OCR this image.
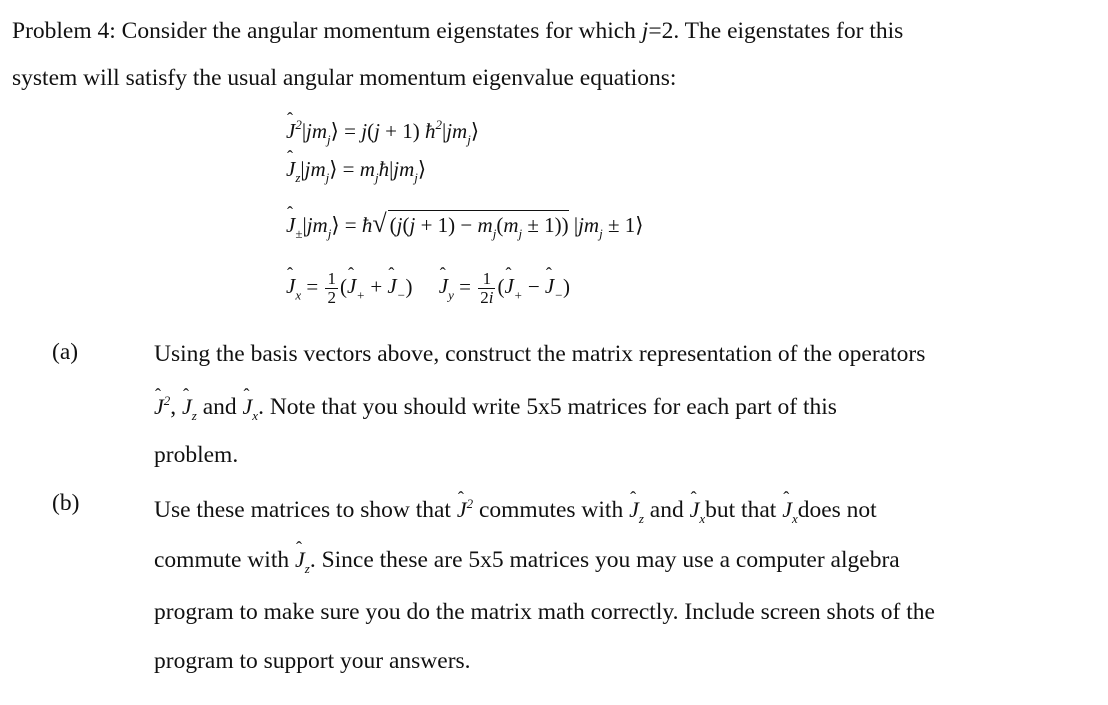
Problem 4: Consider the angular momentum eigenstates for which j=2. The eigenstates for this
system will satisfy the usual angular momentum eigenvalue equations:
ˆ $J^2|jm_j⟩ = j(j + 1)$ $ħ^2|jm_j⟩$
ˆ $J_z|jm_j⟩$ = $m_jħ|jm_j⟩$
ˆ $J_\pm|jm_j⟩$ = ħ√ $(j(j + 1) - m_j(m_j \pm 1))$ $|jm_j$ ± 1⟩
ˆ $J_x = \frac{1}{2}$ (ˆ $J_+$ + ˆ $J_-$) ˆ $J_y = \frac{1}{2i}$ (ˆ $J_+$ − ˆ $J_-$)
(a)	Using the basis vectors above, construct the matrix representation of the operators
ˆ $J^2$, ˆ $J_z$ and ˆ $J_x$. Note that you should write 5x5 matrices for each part of this
problem.
(b)	Use these matrices to show that ˆ $J^2$ commutes with ˆ $J_z$ and ˆ $J_xbut$ that ˆ $J_xdoes$ not
commute with ˆ $J_z$. Since these are 5x5 matrices you may use a computer algebra
program to make sure you do the matrix math correctly. Include screen shots of the
program to support your answers.
